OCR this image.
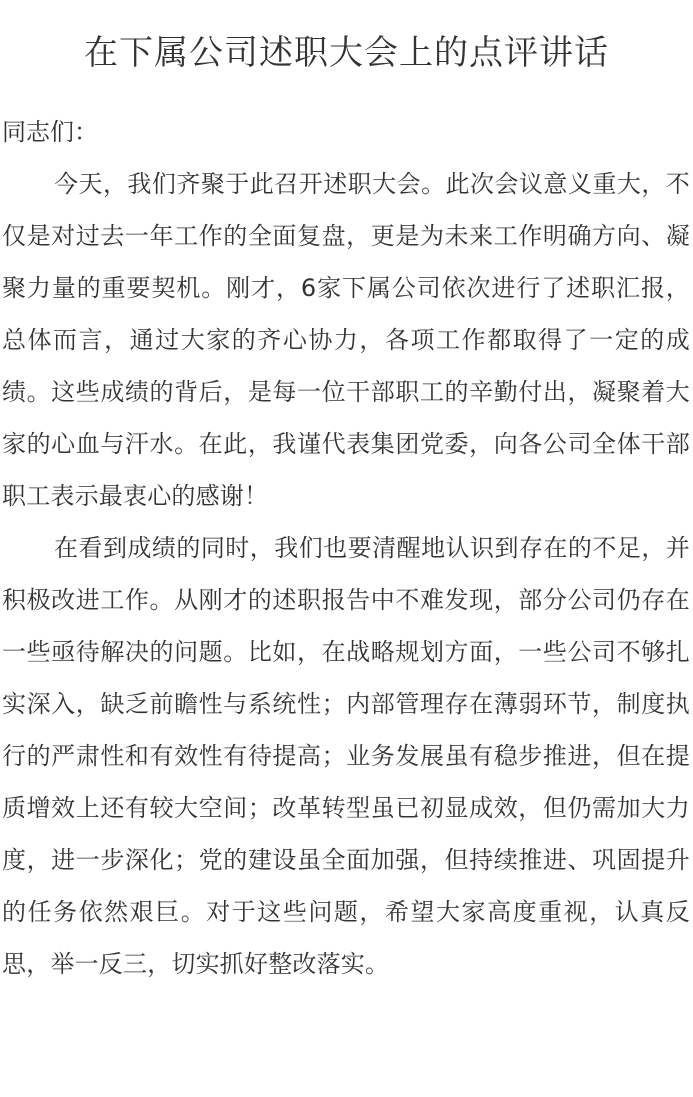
在下属公司述职大会上的点评讲话

同志们：

今天，我们齐聚于此召开述职大会。此次会议意义重大，不仅是对过去一年工作的全面复盘，更是为未来工作明确方向、凝聚力量的重要契机。刚才，6家下属公司依次进行了述职汇报，总体而言，通过大家的齐心协力，各项工作都取得了一定的成绩。这些成绩的背后，是每一位干部职工的辛勤付出，凝聚着大家的心血与汗水。在此，我谨代表集团党委，向各公司全体干部职工表示最衷心的感谢！

在看到成绩的同时，我们也要清醒地认识到存在的不足，并积极改进工作。从刚才的述职报告中不难发现，部分公司仍存在一些亟待解决的问题。比如，在战略规划方面，一些公司不够扎实深入，缺乏前瞻性与系统性；内部管理存在薄弱环节，制度执行的严肃性和有效性有待提高；业务发展虽有稳步推进，但在提质增效上还有较大空间；改革转型虽已初显成效，但仍需加大力度，进一步深化；党的建设虽全面加强，但持续推进、巩固提升的任务依然艰巨。对于这些问题，希望大家高度重视，认真反思，举一反三，切实抓好整改落实。
